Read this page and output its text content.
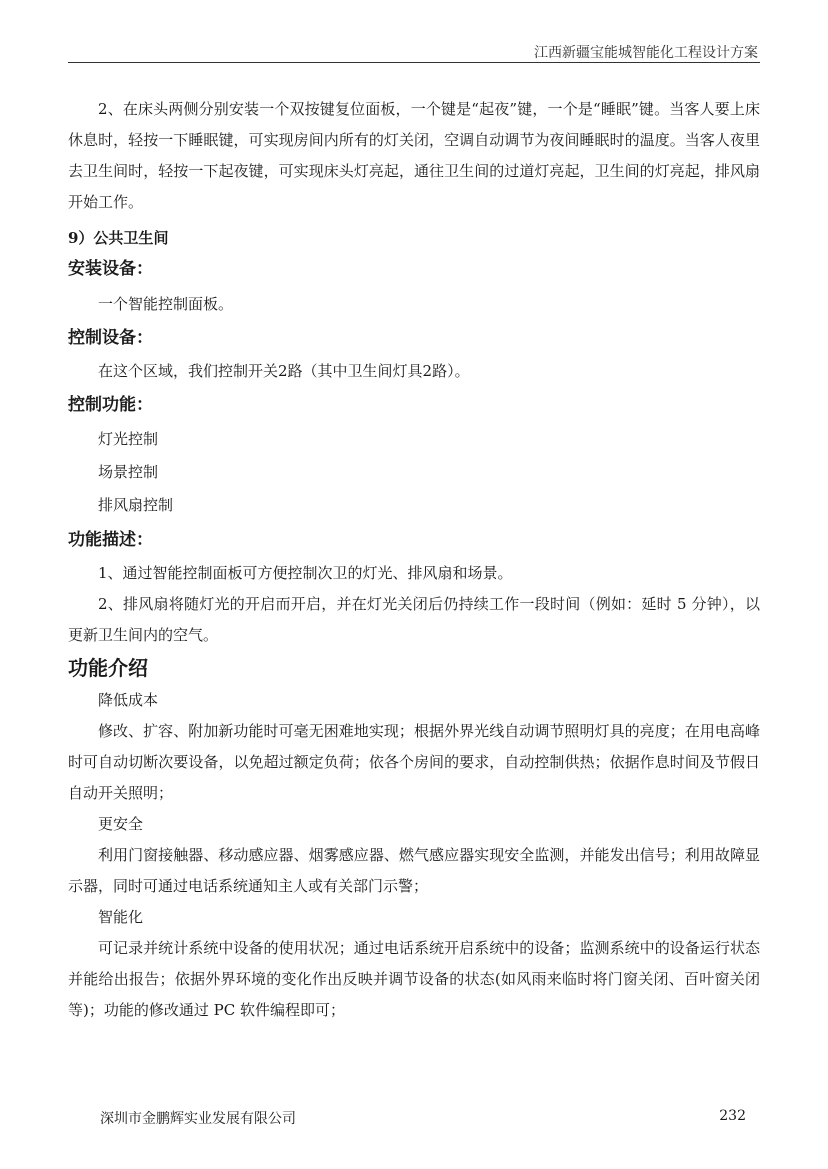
江西新疆宝能城智能化工程设计方案

2、在床头两侧分别安装一个双按键复位面板，一个键是“起夜”键，一个是“睡眠”键。当客人要上床休息时，轻按一下睡眠键，可实现房间内所有的灯关闭，空调自动调节为夜间睡眠时的温度。当客人夜里去卫生间时，轻按一下起夜键，可实现床头灯亮起，通往卫生间的过道灯亮起，卫生间的灯亮起，排风扇开始工作。

9）公共卫生间

安装设备：

一个智能控制面板。

控制设备：

在这个区域，我们控制开关2路（其中卫生间灯具2路）。

控制功能：

灯光控制

场景控制

排风扇控制

功能描述：

1、通过智能控制面板可方便控制次卫的灯光、排风扇和场景。

2、排风扇将随灯光的开启而开启，并在灯光关闭后仍持续工作一段时间（例如：延时 5 分钟），以更新卫生间内的空气。

功能介绍

降低成本

修改、扩容、附加新功能时可毫无困难地实现；根据外界光线自动调节照明灯具的亮度；在用电高峰时可自动切断次要设备，以免超过额定负荷；依各个房间的要求，自动控制供热；依据作息时间及节假日自动开关照明；

更安全

利用门窗接触器、移动感应器、烟雾感应器、燃气感应器实现安全监测，并能发出信号；利用故障显示器，同时可通过电话系统通知主人或有关部门示警；

智能化

可记录并统计系统中设备的使用状况；通过电话系统开启系统中的设备；监测系统中的设备运行状态并能给出报告；依据外界环境的变化作出反映并调节设备的状态(如风雨来临时将门窗关闭、百叶窗关闭等)；功能的修改通过 PC 软件编程即可；

深圳市金鹏辉实业发展有限公司	232
